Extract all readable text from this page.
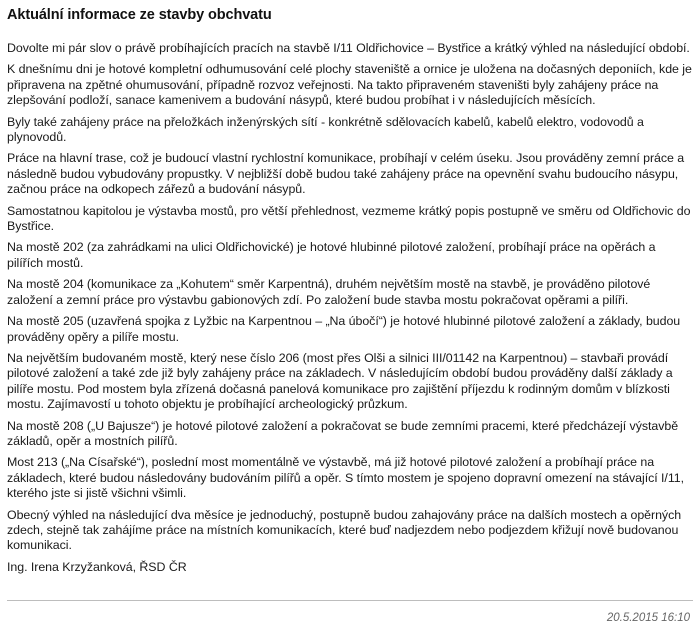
Aktuální informace ze stavby obchvatu

Dovolte mi pár slov o právě probíhajících pracích na stavbě I/11 Oldřichovice – Bystřice a krátký výhled na následující období.

K dnešnímu dni je hotové kompletní odhumusování celé plochy staveniště a ornice je uložena na dočasných deponiích, kde je připravena na zpětné ohumusování, případně rozvoz veřejnosti. Na takto připraveném staveništi byly zahájeny práce na zlepšování podloží, sanace kamenivem a budování násypů, které budou probíhat i v následujících měsících.

Byly také zahájeny práce na přeložkách inženýrských sítí - konkrétně sdělovacích kabelů, kabelů elektro, vodovodů a plynovodů.

Práce na hlavní trase, což je budoucí vlastní rychlostní komunikace, probíhají v celém úseku. Jsou prováděny zemní práce a následně budou vybudovány propustky. V nejbližší době budou také zahájeny práce na opevnění svahu budoucího násypu, začnou práce na odkopech zářezů a budování násypů.

Samostatnou kapitolou je výstavba mostů, pro větší přehlednost, vezmeme krátký popis postupně ve směru od Oldřichovic do Bystřice.

Na mostě 202 (za zahrádkami na ulici Oldřichovické) je hotové hlubinné pilotové založení, probíhají práce na opěrách a pilířích mostů.

Na mostě 204 (komunikace za „Kohutem“ směr Karpentná), druhém největším mostě na stavbě, je prováděno pilotové založení a zemní práce pro výstavbu gabionových zdí. Po založení bude stavba mostu pokračovat opěrami a pilíři.

Na mostě 205 (uzavřená spojka z Lyžbic na Karpentnou – „Na úbočí“) je hotové hlubinné pilotové založení a základy, budou prováděny opěry a pilíře mostu.

Na největším budovaném mostě, který nese číslo 206 (most přes Olši a silnici III/01142 na Karpentnou) – stavbaři provádí pilotové založení a také zde již byly zahájeny práce na základech. V následujícím období budou prováděny další základy a pilíře mostu. Pod mostem byla zřízená dočasná panelová komunikace pro zajištění příjezdu k rodinným domům v blízkosti mostu. Zajímavostí u tohoto objektu je probíhající archeologický průzkum.

Na mostě 208 („U Bajusze“) je hotové pilotové založení a pokračovat se bude zemními pracemi, které předcházejí výstavbě základů, opěr a mostních pilířů.

Most 213 („Na Císařské“), poslední most momentálně ve výstavbě, má již hotové pilotové založení a probíhají práce na základech, které budou následovány budováním pilířů a opěr. S tímto mostem je spojeno dopravní omezení na stávající I/11, kterého jste si jistě všichni všimli.

Obecný výhled na následující dva měsíce je jednoduchý, postupně budou zahajovány práce na dalších mostech a opěrných zdech, stejně tak zahájíme práce na místních komunikacích, které buď nadjezdem nebo podjezdem křižují nově budovanou komunikaci.

Ing. Irena Krzyžanková, ŘSD ČR

20.5.2015 16:10
